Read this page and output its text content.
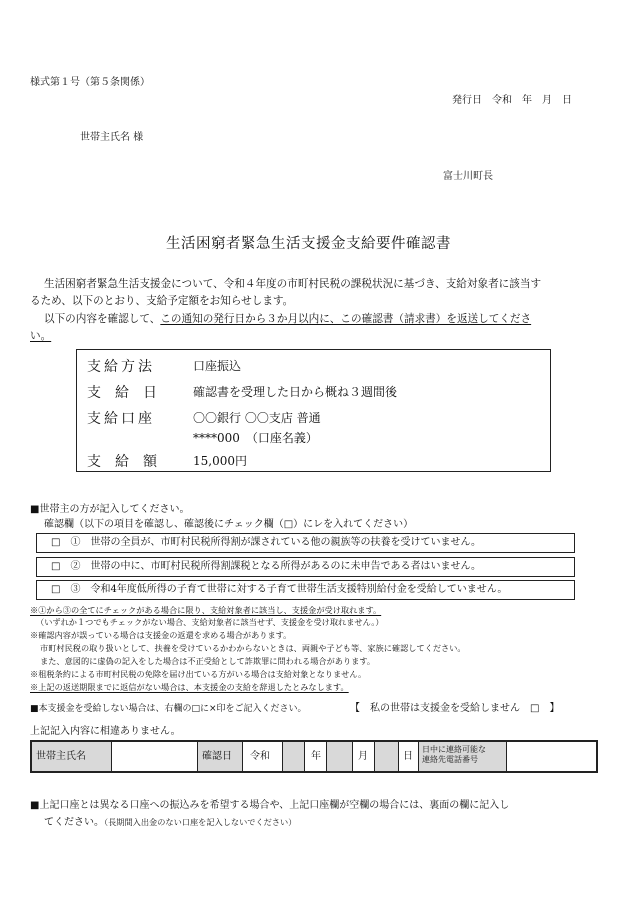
様式第１号（第５条関係）
発行日　令和　年　月　日
世帯主氏名 様
富士川町長
生活困窮者緊急生活支援金支給要件確認書
生活困窮者緊急生活支援金について、令和４年度の市町村民税の課税状況に基づき、支給対象者に該当す
るため、以下のとおり、支給予定額をお知らせします。
以下の内容を確認して、この通知の発行日から３か月以内に、この確認書（請求書）を返送してくださ
い。
支給方法	口座振込
支　給　日	確認書を受理した日から概ね３週間後
支給口座	〇〇銀行 〇〇支店 普通
****000　（口座名義）
支　給　額	15,000円
■世帯主の方が記入してください。
確認欄（以下の項目を確認し、確認後にチェック欄（□）にレを入れてください）
□　①　世帯の全員が、市町村民税所得割が課されている他の親族等の扶養を受けていません。
□　②　世帯の中に、市町村民税所得割課税となる所得があるのに未申告である者はいません。
□　③　令和4年度低所得の子育て世帯に対する子育て世帯生活支援特別給付金を受給していません。
※①から③の全てにチェックがある場合に限り、支給対象者に該当し、支援金が受け取れます。
（いずれか１つでもチェックがない場合、支給対象者に該当せず、支援金を受け取れません。）
※確認内容が誤っている場合は支援金の返還を求める場合があります。
市町村民税の取り扱いとして、扶養を受けているかわからないときは、両親や子ども等、家族に確認してください。
また、意図的に虚偽の記入をした場合は不正受給として詐欺罪に問われる場合があります。
※租税条約による市町村民税の免除を届け出ている方がいる場合は支給対象となりません。
※上記の返送期限までに返信がない場合は、本支援金の支給を辞退したとみなします。
■本支援金を受給しない場合は、右欄の□に×印をご記入ください。	【　私の世帯は支援金を受給しません　□　】
上記記入内容に相違ありません。
世帯主氏名	確認日	令和	年	月	日
日中に連絡可能な
連絡先電話番号
■上記口座とは異なる口座への振込みを希望する場合や、上記口座欄が空欄の場合には、裏面の欄に記入し
てください。（長期間入出金のない口座を記入しないでください）
